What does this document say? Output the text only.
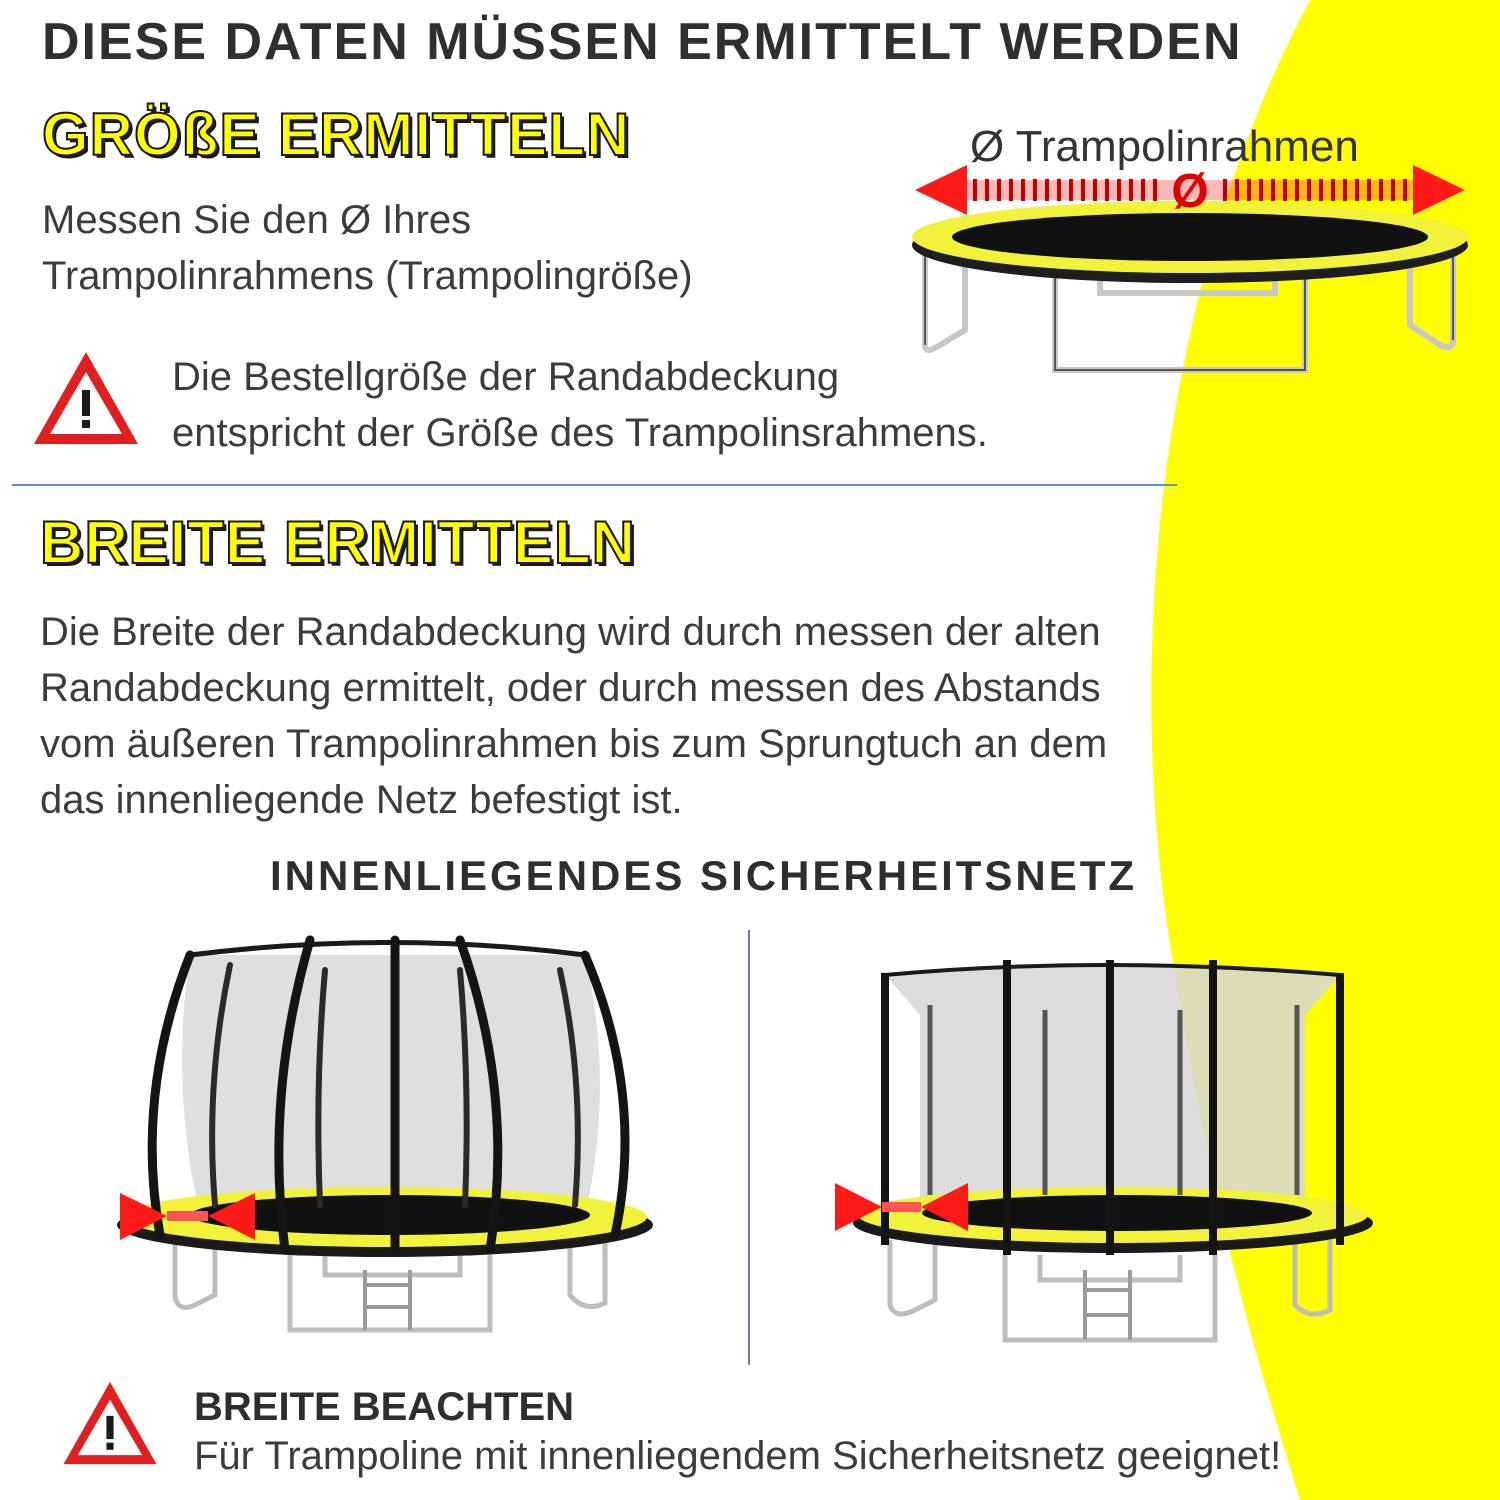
DIESE DATEN MÜSSEN ERMITTELT WERDEN
GRÖßE ERMITTELN
Messen Sie den Ø Ihres
Trampolinrahmens (Trampolingröße)
Die Bestellgröße der Randabdeckung
entspricht der Größe des Trampolinsrahmens.
Ø Trampolinrahmen
Ø
BREITE ERMITTELN
Die Breite der Randabdeckung wird durch messen der alten
Randabdeckung ermittelt, oder durch messen des Abstands
vom äußeren Trampolinrahmen bis zum Sprungtuch an dem
das innenliegende Netz befestigt ist.
INNENLIEGENDES SICHERHEITSNETZ
BREITE BEACHTEN
Für Trampoline mit innenliegendem Sicherheitsnetz geeignet!
